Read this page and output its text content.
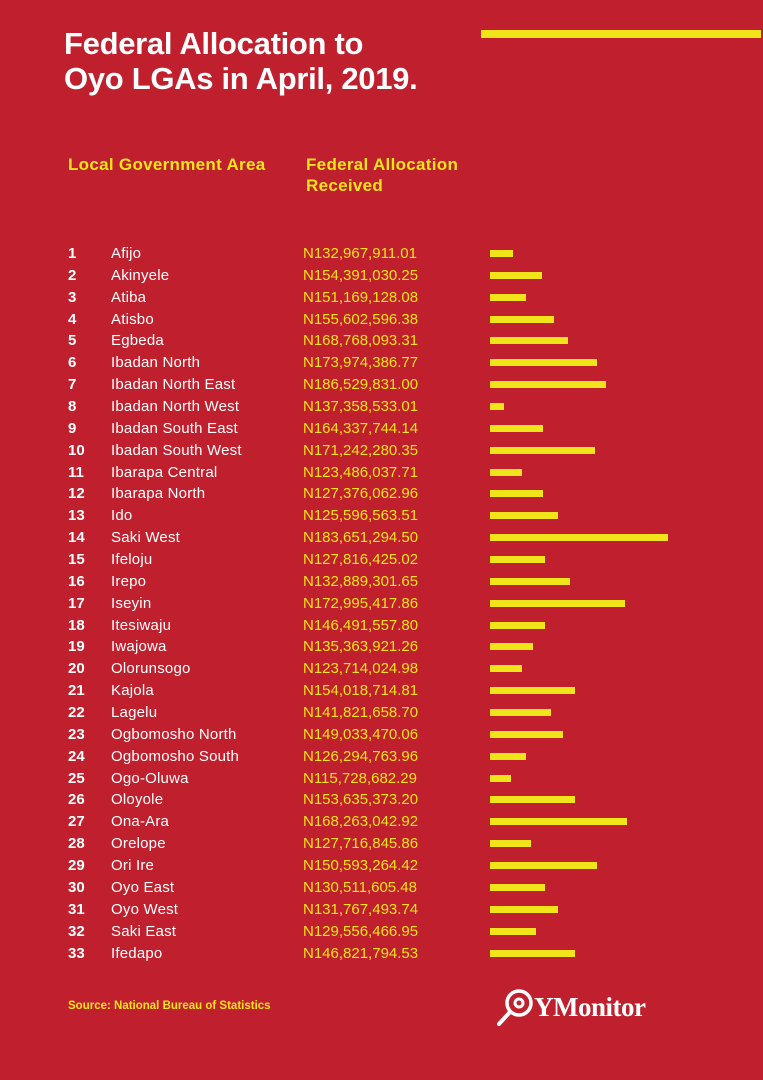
Federal Allocation to Oyo LGAs in April, 2019.
Local Government Area Federal Allocation Received
1 Afijo	N132,967,911.01
2 Akinyele	N154,391,030.25
3 Atiba	N151,169,128.08
4 Atisbo	N155,602,596.38
5 Egbeda	N168,768,093.31
6 Ibadan North	N173,974,386.77
7 Ibadan North East	N186,529,831.00
8 Ibadan North West	N137,358,533.01
9 Ibadan South East	N164,337,744.14
10 Ibadan South West	N171,242,280.35
11 Ibarapa Central	N123,486,037.71
12 Ibarapa North	N127,376,062.96
13 Ido	N125,596,563.51
14 Saki West	N183,651,294.50
15 Ifeloju	N127,816,425.02
16 Irepo	N132,889,301.65
17 Iseyin	N172,995,417.86
18 Itesiwaju	N146,491,557.80
19 Iwajowa	N135,363,921.26
20 Olorunsogo	N123,714,024.98
21 Kajola	N154,018,714.81
22 Lagelu	N141,821,658.70
23 Ogbomosho North	N149,033,470.06
24 Ogbomosho South	N126,294,763.96
25 Ogo-Oluwa	N115,728,682.29
26 Oloyole	N153,635,373.20
27 Ona-Ara	N168,263,042.92
28 Orelope	N127,716,845.86
29 Ori Ire	N150,593,264.42
30 Oyo East	N130,511,605.48
31 Oyo West	N131,767,493.74
32 Saki East	N129,556,466.95
33 Ifedapo	N146,821,794.53
Source: National Bureau of Statistics	YMonitor
